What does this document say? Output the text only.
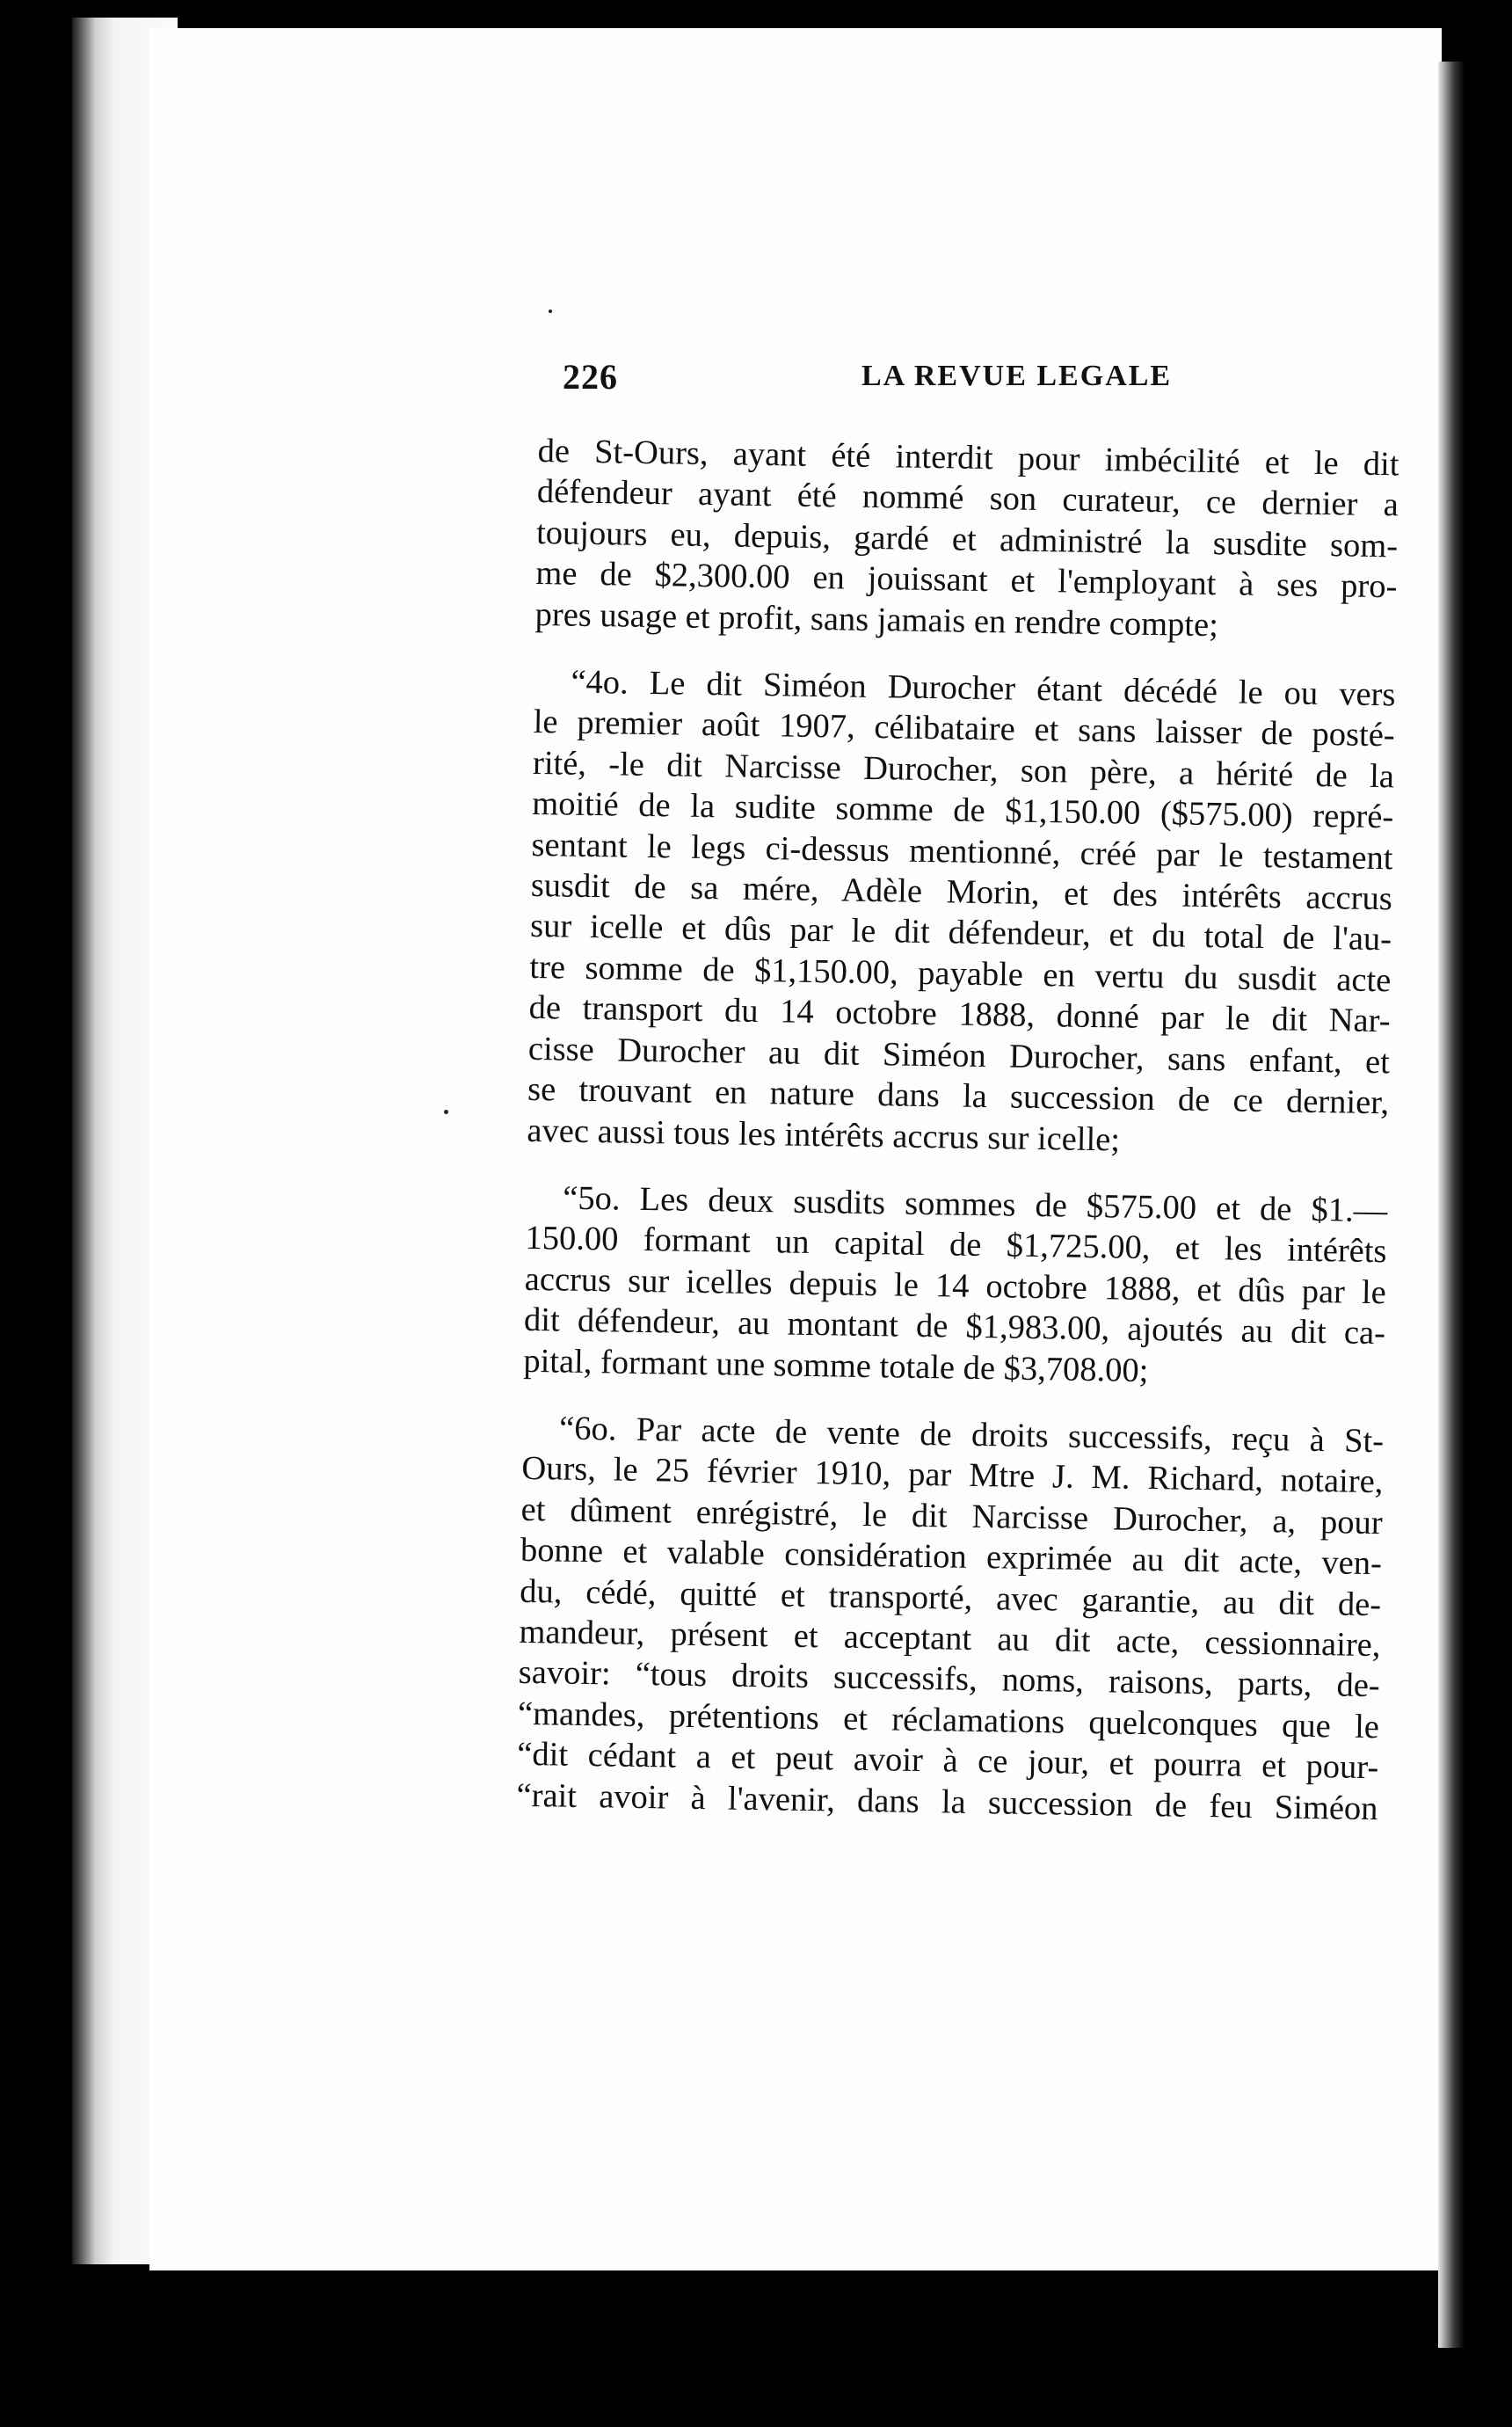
226	LA REVUE LEGALE
de St-Ours, ayant été interdit pour imbécilité et le dit
défendeur ayant été nommé son curateur, ce dernier a
toujours eu, depuis, gardé et administré la susdite som-
me de $2,300.00 en jouissant et l'employant à ses pro-
pres usage et profit, sans jamais en rendre compte;
“4o. Le dit Siméon Durocher étant décédé le ou vers
le premier août 1907, célibataire et sans laisser de posté-
rité, -le dit Narcisse Durocher, son père, a hérité de la
moitié de la sudite somme de $1,150.00 ($575.00) repré-
sentant le legs ci-dessus mentionné, créé par le testament
susdit de sa mére, Adèle Morin, et des intérêts accrus
sur icelle et dûs par le dit défendeur, et du total de l'au-
tre somme de $1,150.00, payable en vertu du susdit acte
de transport du 14 octobre 1888, donné par le dit Nar-
cisse Durocher au dit Siméon Durocher, sans enfant, et
se trouvant en nature dans la succession de ce dernier,
avec aussi tous les intérêts accrus sur icelle;
“5o. Les deux susdits sommes de $575.00 et de $1.—
150.00 formant un capital de $1,725.00, et les intérêts
accrus sur icelles depuis le 14 octobre 1888, et dûs par le
dit défendeur, au montant de $1,983.00, ajoutés au dit ca-
pital, formant une somme totale de $3,708.00;
“6o. Par acte de vente de droits successifs, reçu à St-
Ours, le 25 février 1910, par Mtre J. M. Richard, notaire,
et dûment enrégistré, le dit Narcisse Durocher, a, pour
bonne et valable considération exprimée au dit acte, ven-
du, cédé, quitté et transporté, avec garantie, au dit de-
mandeur, présent et acceptant au dit acte, cessionnaire,
savoir: “tous droits successifs, noms, raisons, parts, de-
“mandes, prétentions et réclamations quelconques que le
“dit cédant a et peut avoir à ce jour, et pourra et pour-
“rait avoir à l'avenir, dans la succession de feu Siméon
